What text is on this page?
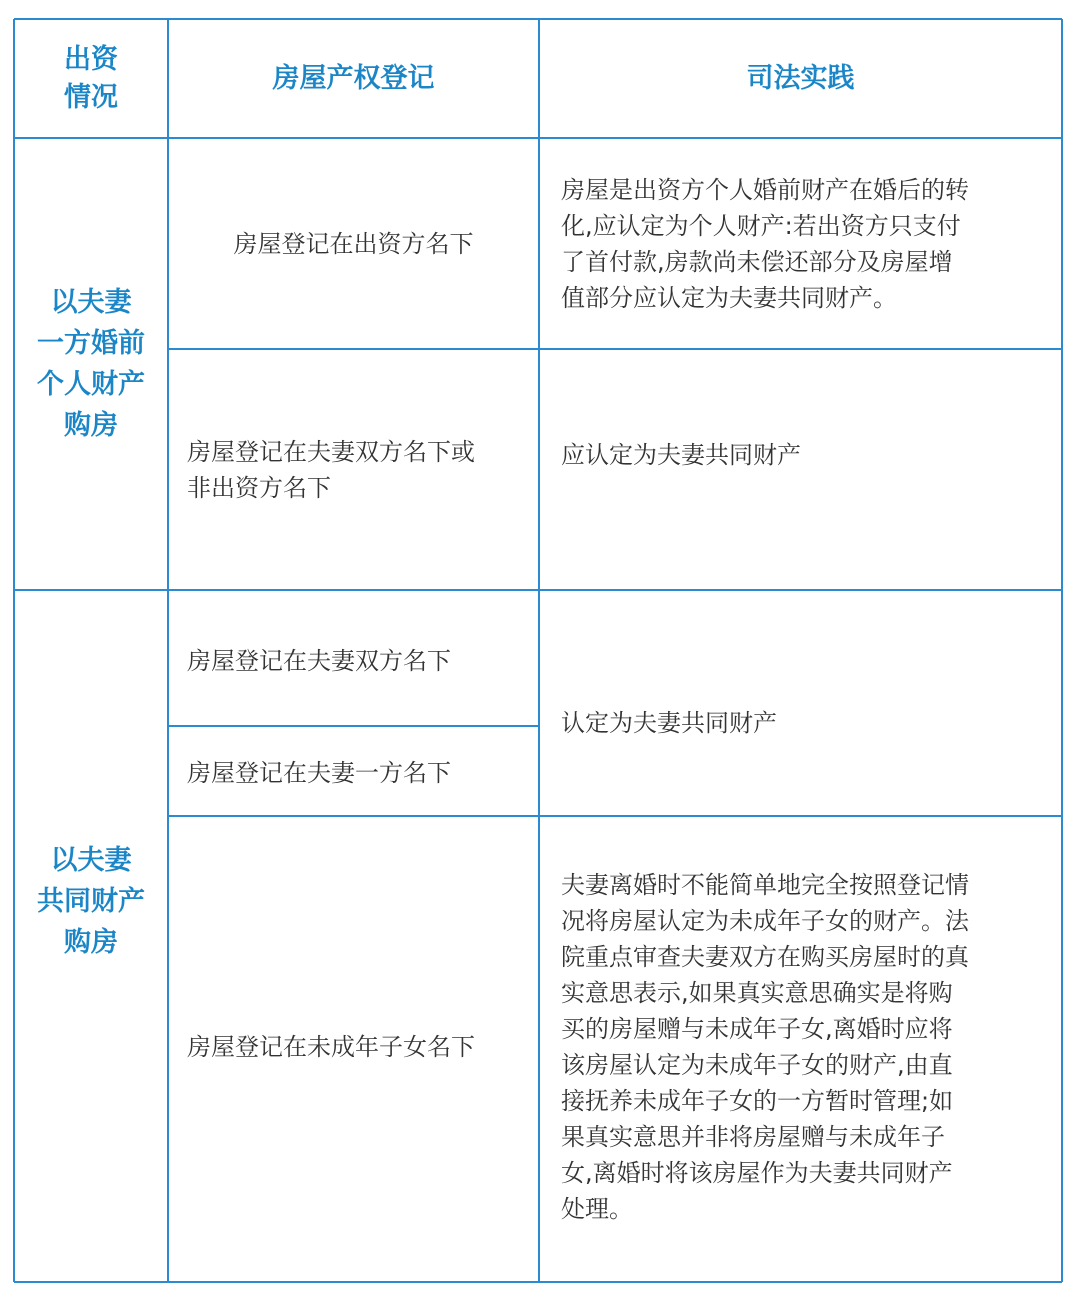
出资
情况
房屋产权登记	司法实践
以夫妻
一方婚前
个人财产
购房
房屋登记在出资方名下
房屋是出资方个人婚前财产在婚后的转
化,应认定为个人财产:若出资方只支付
了首付款,房款尚未偿还部分及房屋增
值部分应认定为夫妻共同财产。
房屋登记在夫妻双方名下或
非出资方名下
应认定为夫妻共同财产
以夫妻
共同财产
购房
房屋登记在夫妻双方名下
认定为夫妻共同财产
房屋登记在夫妻一方名下
房屋登记在未成年子女名下
夫妻离婚时不能简单地完全按照登记情
况将房屋认定为未成年子女的财产。法
院重点审查夫妻双方在购买房屋时的真
实意思表示,如果真实意思确实是将购
买的房屋赠与未成年子女,离婚时应将
该房屋认定为未成年子女的财产,由直
接抚养未成年子女的一方暂时管理;如
果真实意思并非将房屋赠与未成年子
女,离婚时将该房屋作为夫妻共同财产
处理。
